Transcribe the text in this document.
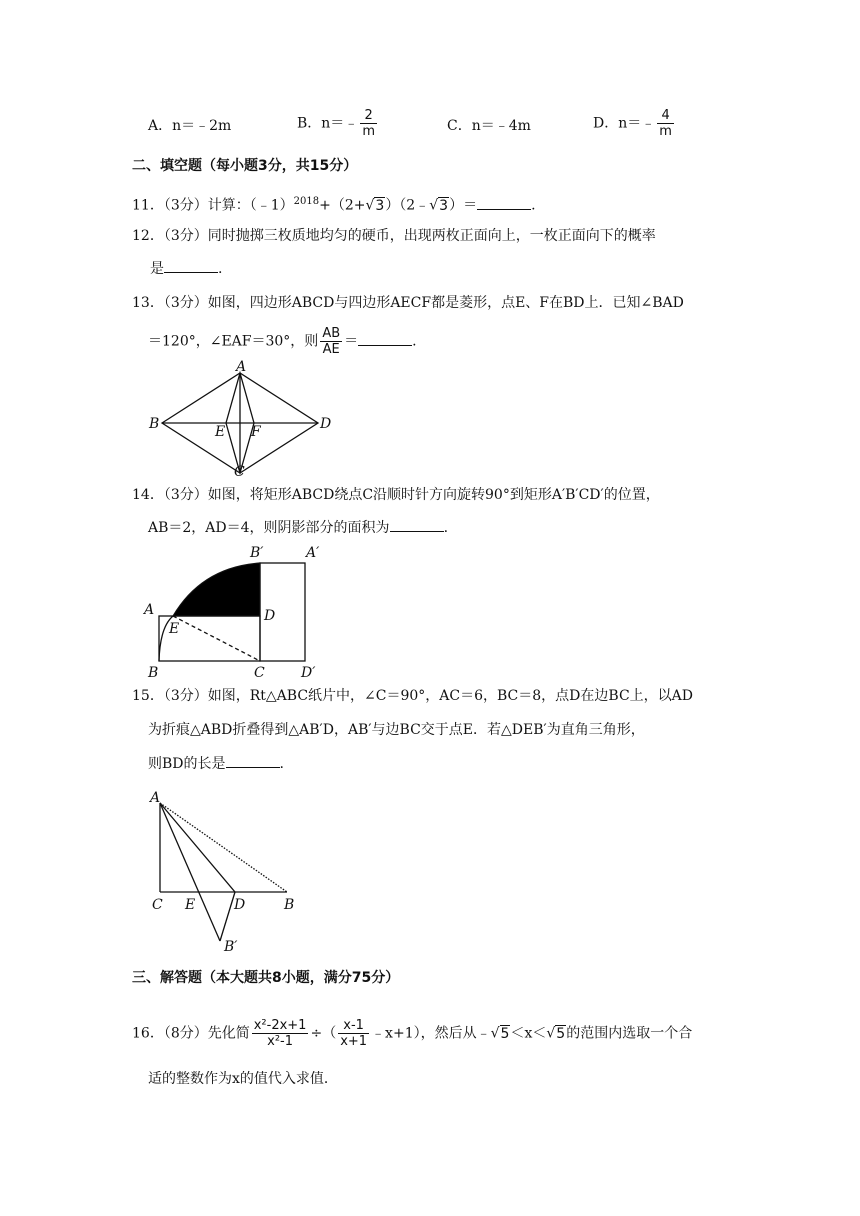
A．n＝﹣2m	B．n＝﹣ $\frac{2}{m}$	C．n＝﹣4m	D．n＝﹣ $\frac{4}{m}$
二、填空题（每小题3分，共15分）
11．（3分）计算：（﹣1）$^{2018}$+（2+√3）（2﹣√3）＝	.
12．（3分）同时抛掷三枚质地均匀的硬币，出现两枚正面向上，一枚正面向下的概率
是	.
13．（3分）如图，四边形ABCD与四边形AECF都是菱形，点E、F在BD上．已知∠BAD
＝120°，∠EAF＝30°，则 $\frac{AB}{AE}$ ＝	.
A
B	D
E F
C
14．（3分）如图，将矩形ABCD绕点C沿顺时针方向旋转90°到矩形A′B′CD′的位置，
AB＝2，AD＝4，则阴影部分的面积为	.
B′	A′
A
E
D
B	C	D′
15．（3分）如图，Rt△ABC纸片中，∠C＝90°，AC＝6，BC＝8，点D在边BC上，以AD
为折痕△ABD折叠得到△AB′D，AB′与边BC交于点E．若△DEB′为直角三角形，
则BD的长是	.
A
C E	D	B
B′
三、解答题（本大题共8小题，满分75分）
16．（8分）先化简 $\frac{\text{x²-2x+1}}{\text{x²-1}}$ ÷（ $\frac{x-1}{x+1}$ ﹣x+1），然后从﹣√5＜x＜√5的范围内选取一个合
适的整数作为x的值代入求值．
